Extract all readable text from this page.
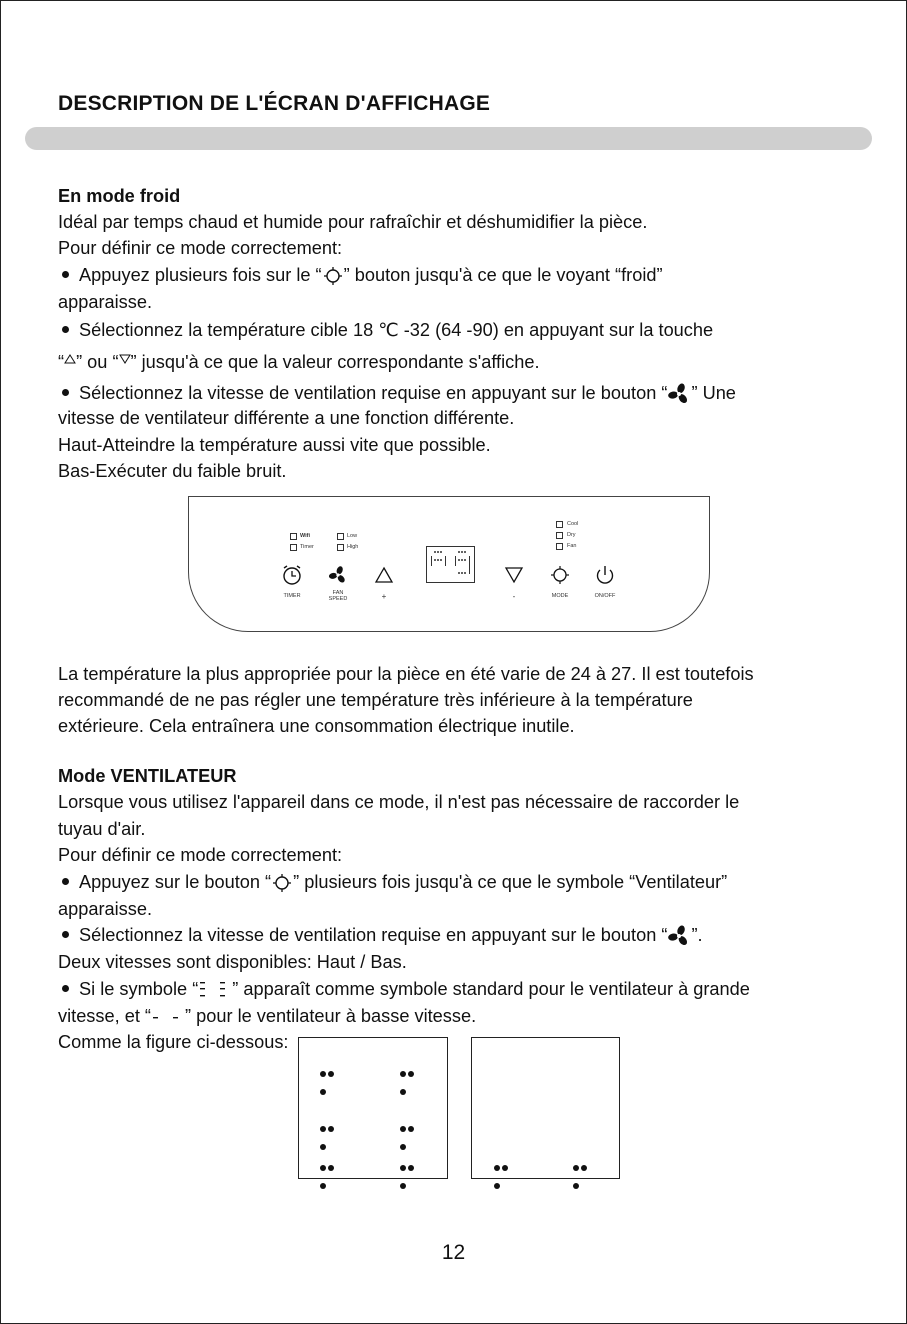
DESCRIPTION DE L'ÉCRAN D'AFFICHAGE
En mode froid
Idéal par temps chaud et humide pour rafraîchir et déshumidifier la pièce.
Pour définir ce mode correctement:
Appuyez plusieurs fois sur le “ ” bouton jusqu'à ce que le voyant “froid”
apparaisse.
Sélectionnez la température cible 18 ℃ -32 (64 -90) en appuyant sur la touche
“ ” ou “ ” jusqu'à ce que la valeur correspondante s'affiche.
Sélectionnez la vitesse de ventilation requise en appuyant sur le bouton “ ” Une
vitesse de ventilateur différente a une fonction différente.
Haut-Atteindre la température aussi vite que possible.
Bas-Exécuter du faible bruit.
Wifi
Timer
Low
High
Cool
Dry
Fan
TIMER	FAN
SPEED	+	-	MODE	ON/OFF
La température la plus appropriée pour la pièce en été varie de 24 à 27. Il est toutefois
recommandé de ne pas régler une température très inférieure à la température
extérieure. Cela entraînera une consommation électrique inutile.
Mode VENTILATEUR
Lorsque vous utilisez l'appareil dans ce mode, il n'est pas nécessaire de raccorder le
tuyau d'air.
Pour définir ce mode correctement:
Appuyez sur le bouton “ ” plusieurs fois jusqu'à ce que le symbole “Ventilateur”
apparaisse.
Sélectionnez la vitesse de ventilation requise en appuyant sur le bouton “ ”.
Deux vitesses sont disponibles: Haut / Bas.
Si le symbole “ ” apparaît comme symbole standard pour le ventilateur à grande
vitesse, et “ ” pour le ventilateur à basse vitesse.
Comme la figure ci-dessous:
12
